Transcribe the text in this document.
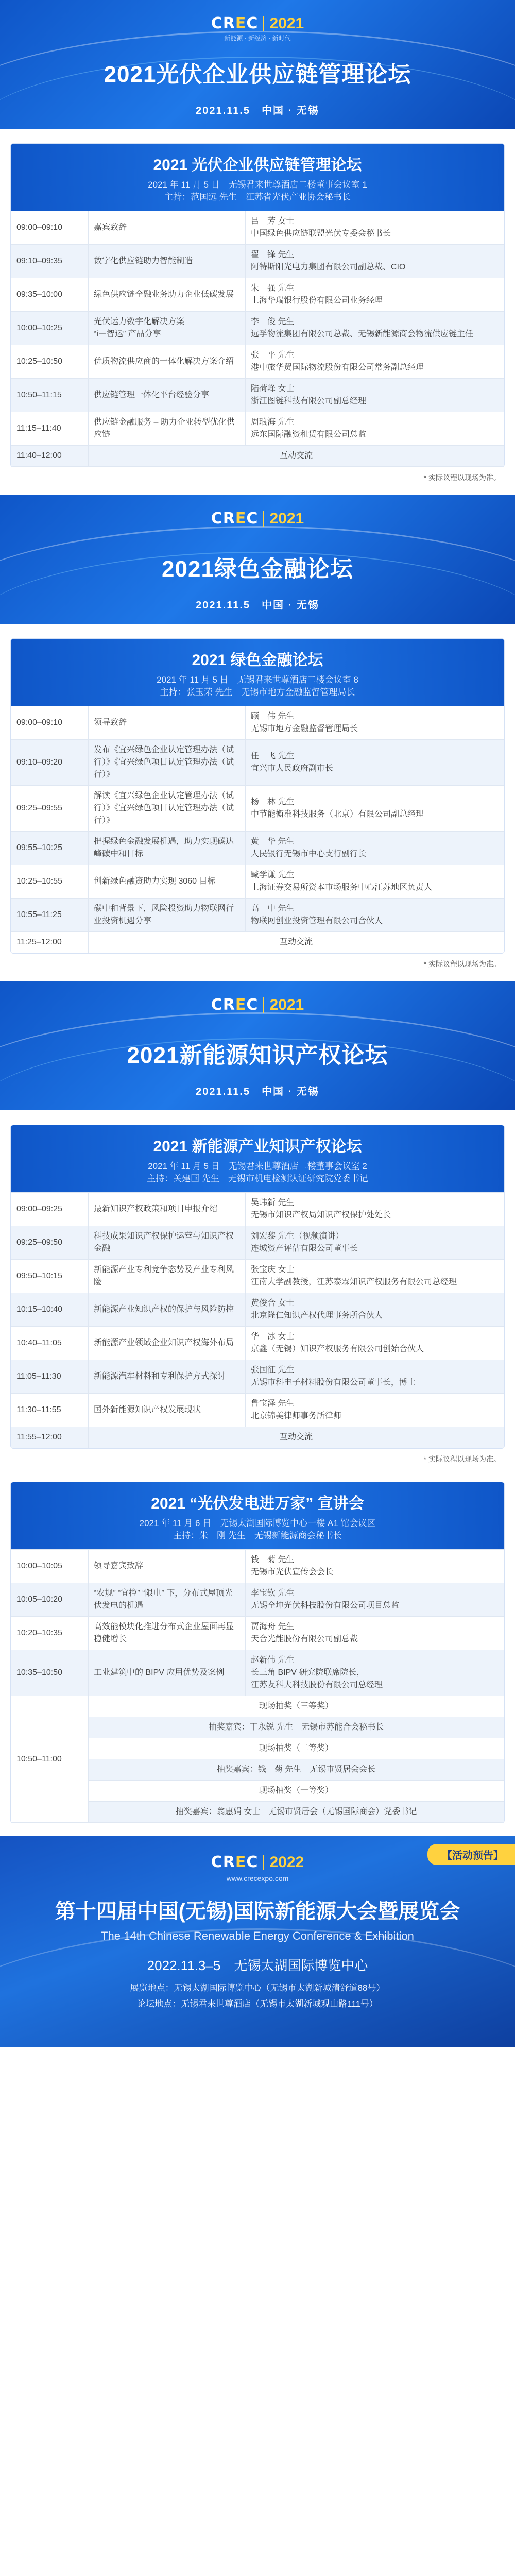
CREC 2021
新能源 · 新经济 · 新时代
2021光伏企业供应链管理论坛
2021.11.5　中国 · 无锡
2021 光伏企业供应链管理论坛
2021 年 11 月 5 日　无锡君来世尊酒店二楼董事会议室 1
主持：范国远 先生　江苏省光伏产业协会秘书长
09:00–09:10	嘉宾致辞	吕　芳 女士
中国绿色供应链联盟光伏专委会秘书长
09:10–09:35	数字化供应链助力智能制造	翟　锋 先生
阿特斯阳光电力集团有限公司副总裁、CIO
09:35–10:00	绿色供应链全融业务助力企业低碳发展	朱　强 先生
上海华瑞银行股份有限公司业务经理
10:00–10:25	光伏运力数字化解决方案
“i－智运” 产品分享	李　俊 先生
远孚物流集团有限公司总裁、无锡新能源商会物流供应链主任
10:25–10:50	优质物流供应商的一体化解决方案介绍	张　平 先生
港中旅华贸国际物流股份有限公司常务副总经理
10:50–11:15	供应链管理一体化平台经验分享	陆荷峰 女士
浙江图链科技有限公司副总经理
11:15–11:40	供应链金融服务 – 助力企业转型优化供应链	周琅海 先生
远东国际融资租赁有限公司总监
11:40–12:00	互动交流	
* 实际议程以现场为准。
CREC 2021
2021绿色金融论坛
2021.11.5　中国 · 无锡
2021 绿色金融论坛
2021 年 11 月 5 日　无锡君来世尊酒店二楼会议室 8
主持：张玉荣 先生　无锡市地方金融监督管理局长
09:00–09:10	领导致辞	顾　伟 先生
无锡市地方金融监督管理局长
09:10–09:20	发布《宜兴绿色企业认定管理办法（试行）》《宜兴绿色项目认定管理办法（试行）》	任　飞 先生
宜兴市人民政府副市长
09:25–09:55	解读《宜兴绿色企业认定管理办法（试行）》《宜兴绿色项目认定管理办法（试行）》	杨　林 先生
中节能衡准科技服务（北京）有限公司副总经理
09:55–10:25	把握绿色金融发展机遇，助力实现碳达峰碳中和目标	黄　华 先生
人民银行无锡市中心支行副行长
10:25–10:55	创新绿色融资助力实现 3060 目标	臧学谦 先生
上海证券交易所资本市场服务中心江苏地区负责人
10:55–11:25	碳中和背景下，风险投资助力物联网行业投资机遇分享	高　中 先生
物联网创业投资管理有限公司合伙人
11:25–12:00	互动交流	
* 实际议程以现场为准。
CREC 2021
2021新能源知识产权论坛
2021.11.5　中国 · 无锡
2021 新能源产业知识产权论坛
2021 年 11 月 5 日　无锡君来世尊酒店二楼董事会议室 2
主持：关建国 先生　无锡市机电检测认证研究院党委书记
09:00–09:25	最新知识产权政策和项目申报介绍	吴玮新 先生
无锡市知识产权局知识产权保护处处长
09:25–09:50	科技成果知识产权保护运营与知识产权金融	刘宏黎 先生（视频演讲）
连城资产评估有限公司董事长
09:50–10:15	新能源产业专利竞争态势及产业专利风险	张宝庆 女士
江南大学副教授，江苏泰霖知识产权服务有限公司总经理
10:15–10:40	新能源产业知识产权的保护与风险防控	黄俊合 女士
北京隆仁知识产权代理事务所合伙人
10:40–11:05	新能源产业领域企业知识产权海外布局	华　冰 女士
京鑫（无锡）知识产权服务有限公司创始合伙人
11:05–11:30	新能源汽车材料和专利保护方式探讨	张国征 先生
无锡市科电子材料股份有限公司董事长，博士
11:30–11:55	国外新能源知识产权发展现状	鲁宝泽 先生
北京锦美律师事务所律师
11:55–12:00	互动交流	
* 实际议程以现场为准。
2021 “光伏发电进万家” 宣讲会
2021 年 11 月 6 日　无锡太湖国际博览中心一楼 A1 馆会议区
主持：朱　刚 先生　无锡新能源商会秘书长
10:00–10:05	领导嘉宾致辞	钱　菊 先生
无锡市光伏宣传会会长
10:05–10:20	“农规” “宜控” “限电” 下，分布式屋顶光伏发电的机遇	李宝钦 先生
无锡全坤光伏科技股份有限公司项目总监
10:20–10:35	高效能模块化推进分布式企业屋面再显稳健增长	贾海舟 先生
天合光能股份有限公司副总裁
10:35–10:50	工业建筑中的 BIPV 应用优势及案例	赵新伟 先生
长三角 BIPV 研究院联席院长，
江苏友科大科技股份有限公司总经理
10:50–11:00	现场抽奖（三等奖）	
	抽奖嘉宾：丁永锐 先生　无锡市苏能合会秘书长	
	现场抽奖（二等奖）	
	抽奖嘉宾：钱　菊 先生　无锡市贤居会会长	
	现场抽奖（一等奖）	
	抽奖嘉宾：翁惠娟 女士　无锡市贤居会（无锡国际商会）党委书记	
【活动预告】
CREC 2022
www.crecexpo.com
第十四届中国(无锡)国际新能源大会暨展览会
The 14th Chinese Renewable Energy Conference & Exhibition
2022.11.3–5　无锡太湖国际博览中心
展览地点：无锡太湖国际博览中心（无锡市太湖新城清舒道88号）
论坛地点：无锡君来世尊酒店（无锡市太湖新城观山路111号）
